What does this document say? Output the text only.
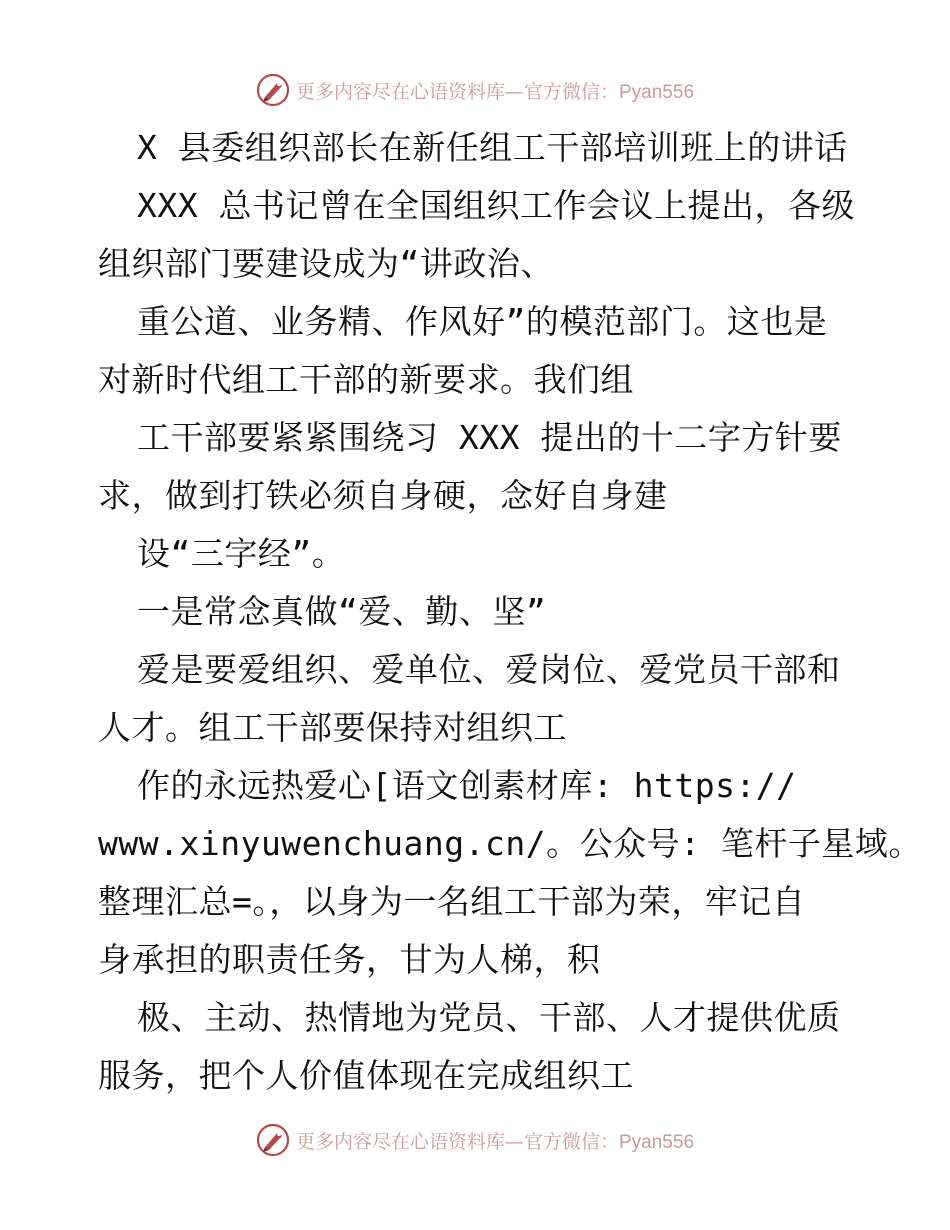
更多内容尽在心语资料库—官方微信：Pyan556
X 县委组织部长在新任组工干部培训班上的讲话
XXX 总书记曾在全国组织工作会议上提出，各级
组织部门要建设成为“讲政治、
重公道、业务精、作风好”的模范部门。这也是
对新时代组工干部的新要求。我们组
工干部要紧紧围绕习 XXX 提出的十二字方针要
求，做到打铁必须自身硬，念好自身建
设“三字经”。
一是常念真做“爱、勤、坚”
爱是要爱组织、爱单位、爱岗位、爱党员干部和
人才。组工干部要保持对组织工
作的永远热爱心[语文创素材库: https://
www.xinyuwenchuang.cn/。公众号: 笔杆子星域。
整理汇总=。，以身为一名组工干部为荣，牢记自
身承担的职责任务，甘为人梯，积
极、主动、热情地为党员、干部、人才提供优质
服务，把个人价值体现在完成组织工
更多内容尽在心语资料库—官方微信：Pyan556
